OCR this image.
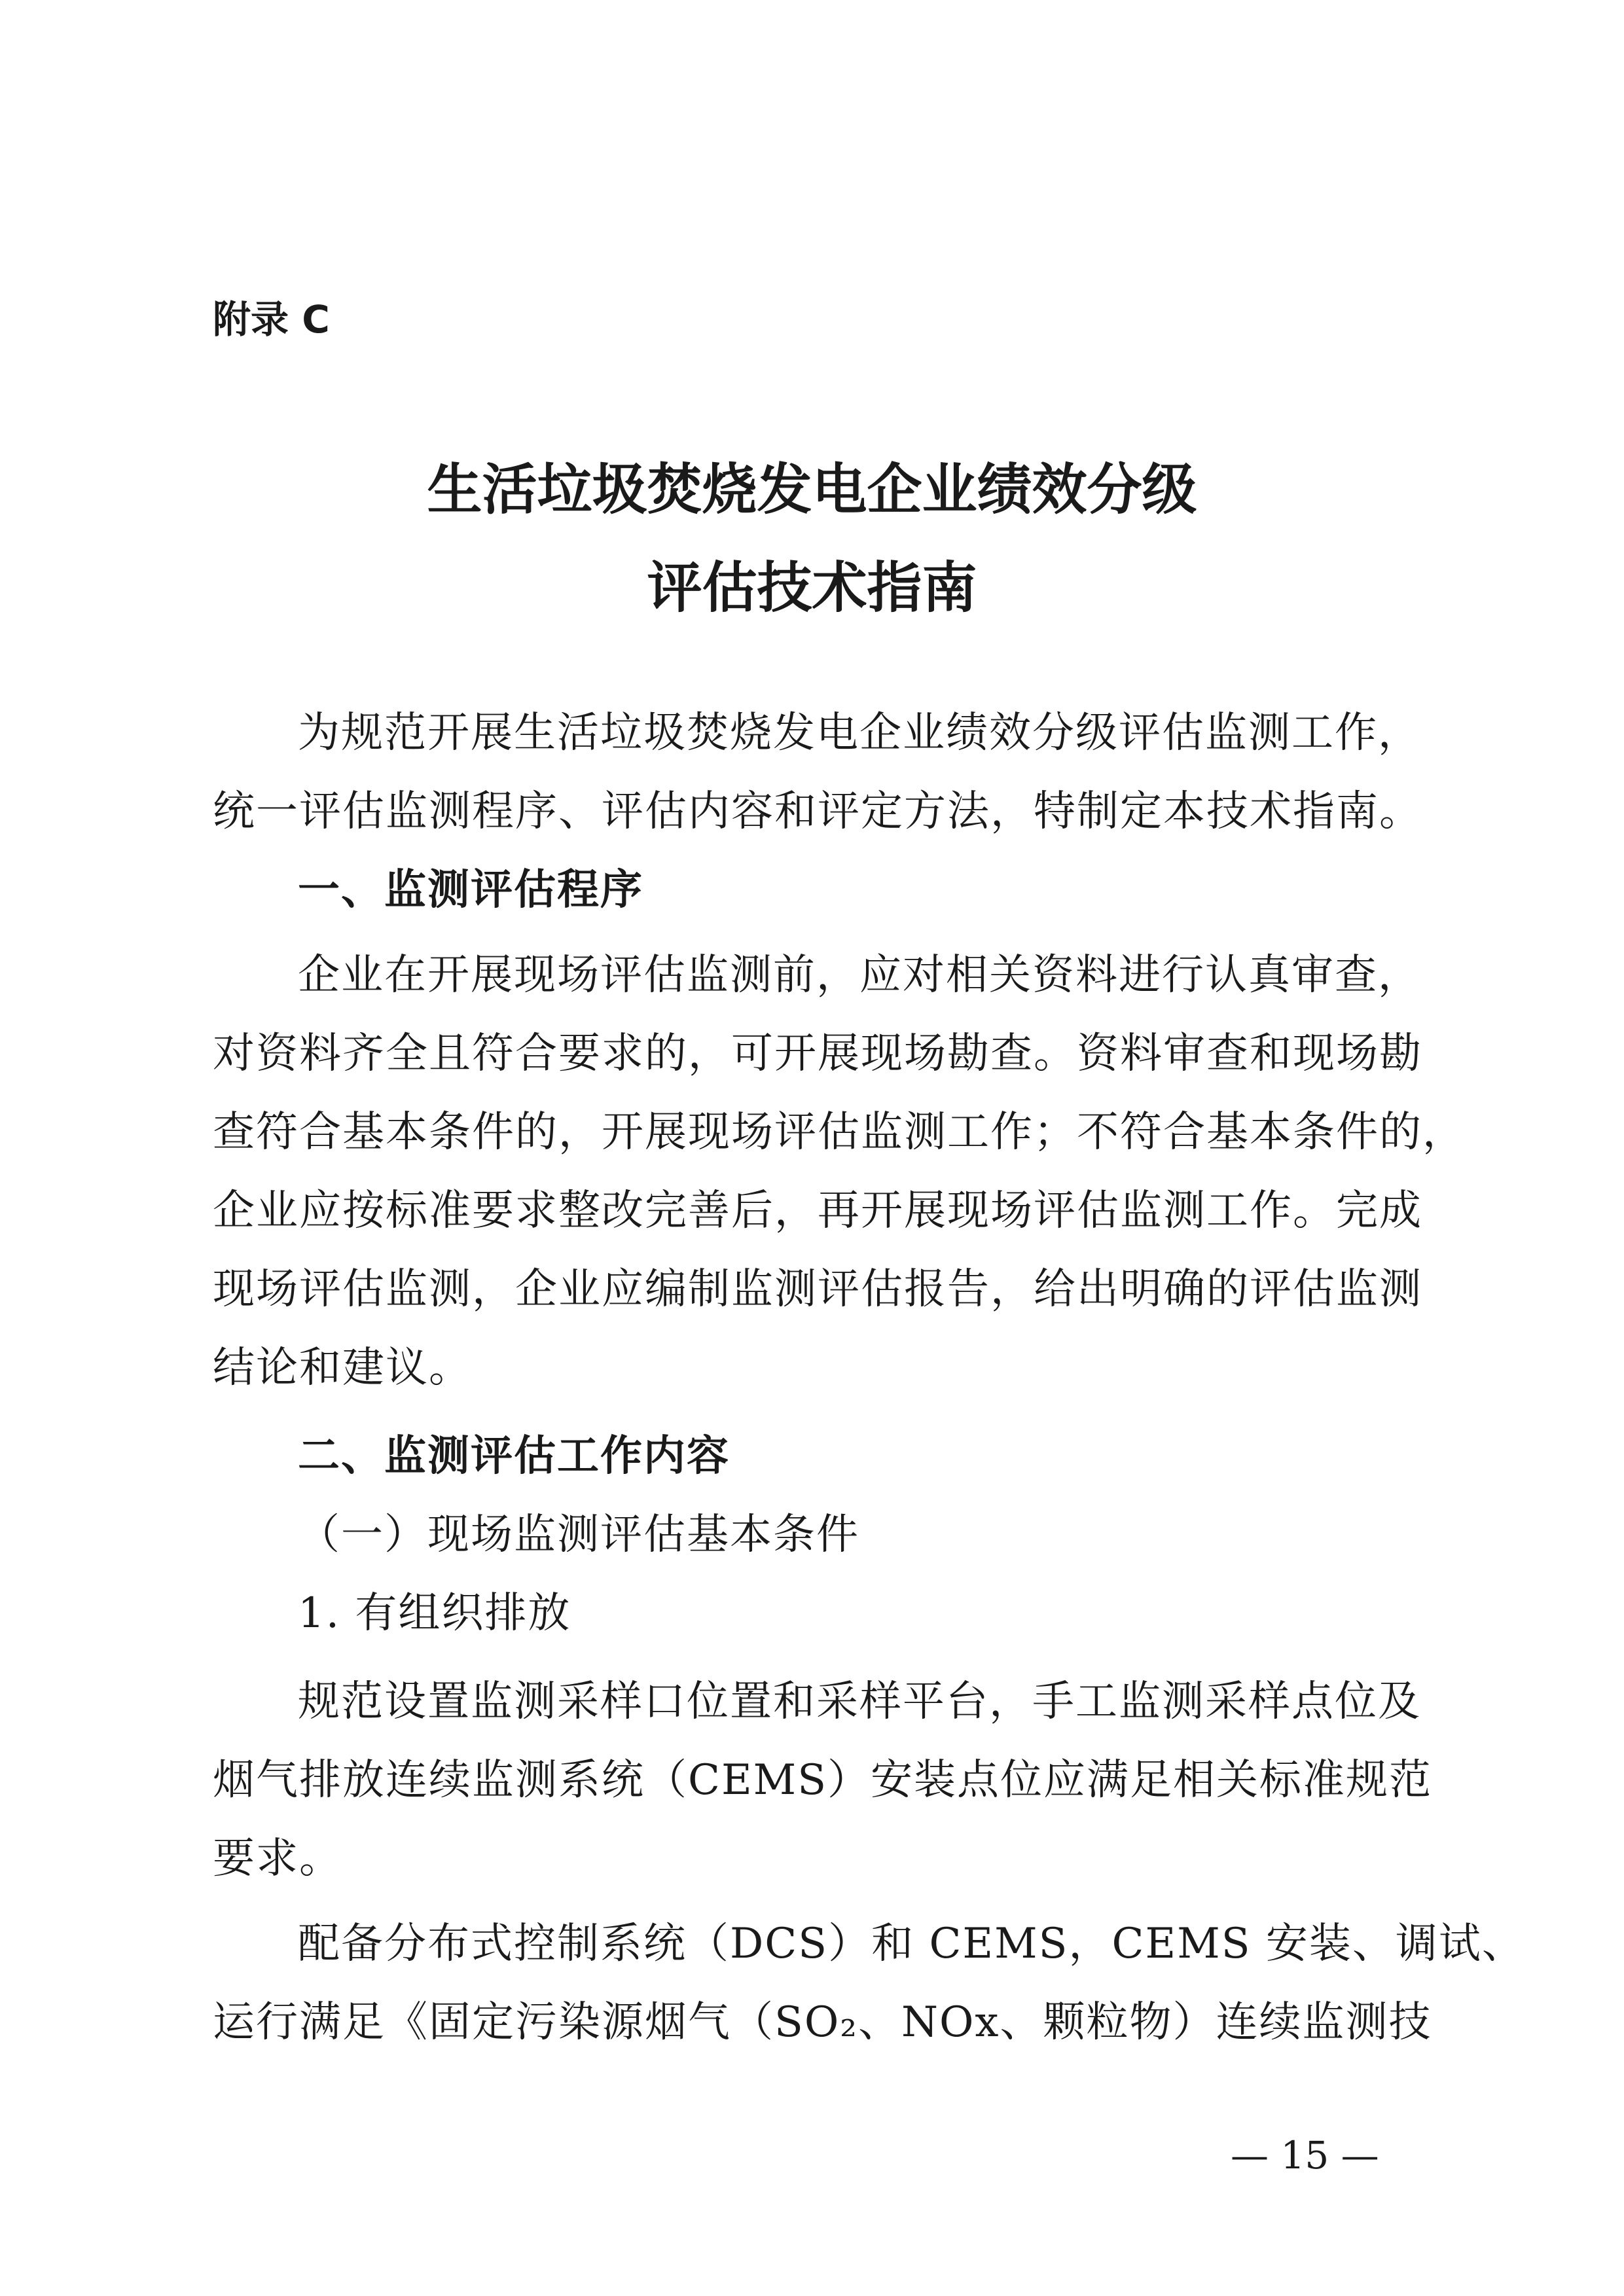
附录 C
生活垃圾焚烧发电企业绩效分级
评估技术指南
为规范开展生活垃圾焚烧发电企业绩效分级评估监测工作，
统一评估监测程序、评估内容和评定方法，特制定本技术指南。
一、监测评估程序
企业在开展现场评估监测前，应对相关资料进行认真审查，
对资料齐全且符合要求的，可开展现场勘查。资料审查和现场勘
查符合基本条件的，开展现场评估监测工作；不符合基本条件的，
企业应按标准要求整改完善后，再开展现场评估监测工作。完成
现场评估监测，企业应编制监测评估报告，给出明确的评估监测
结论和建议。
二、监测评估工作内容
（一）现场监测评估基本条件
1. 有组织排放
规范设置监测采样口位置和采样平台，手工监测采样点位及
烟气排放连续监测系统（CEMS）安装点位应满足相关标准规范
要求。
配备分布式控制系统（DCS）和 CEMS，CEMS 安装、调试、
运行满足《固定污染源烟气（SO₂、NOx、颗粒物）连续监测技
— 15 —
